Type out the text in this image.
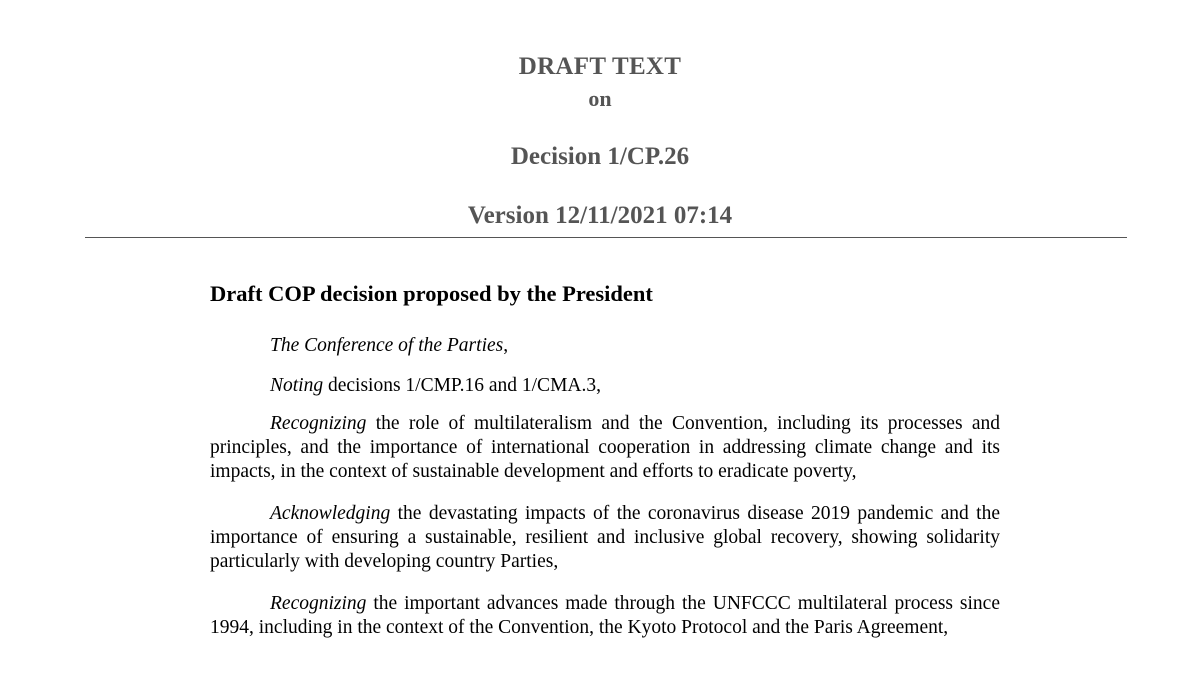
DRAFT TEXT
on
Decision 1/CP.26
Version 12/11/2021 07:14
Draft COP decision proposed by the President

The Conference of the Parties,

Noting decisions 1/CMP.16 and 1/CMA.3,

Recognizing the role of multilateralism and the Convention, including its processes and principles, and the importance of international cooperation in addressing climate change and its impacts, in the context of sustainable development and efforts to eradicate poverty,

Acknowledging the devastating impacts of the coronavirus disease 2019 pandemic and the importance of ensuring a sustainable, resilient and inclusive global recovery, showing solidarity particularly with developing country Parties,

Recognizing the important advances made through the UNFCCC multilateral process since 1994, including in the context of the Convention, the Kyoto Protocol and the Paris Agreement,
